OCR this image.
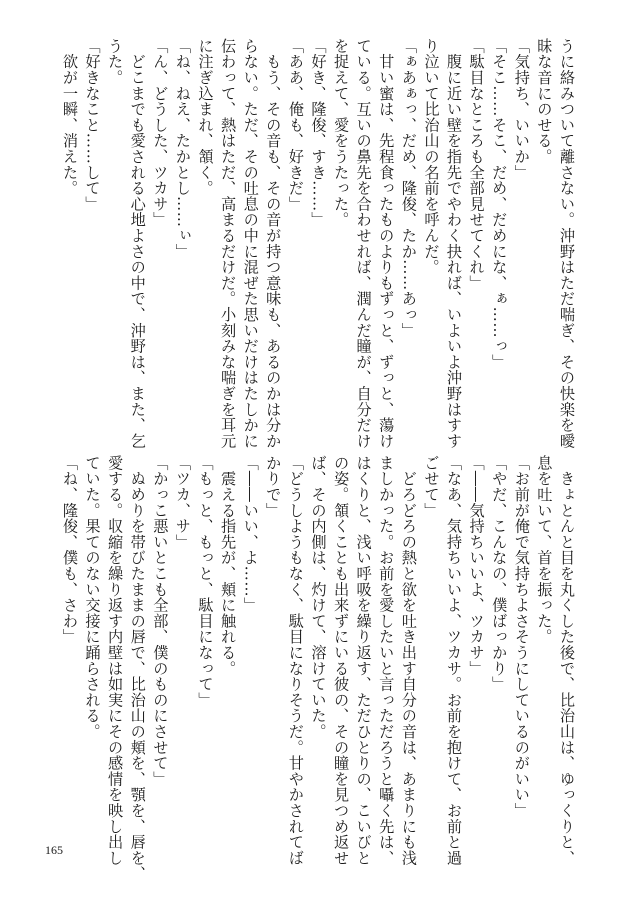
うに絡みついて離さない。沖野はただ喘ぎ、その快楽を曖
昧な音にのせる。
「気持ち、いいか」
「そこ……そこ、だめ、だめにな、ぁ……っ」
「駄目なところも全部見せてくれ」
　腹に近い壁を指先でやわく抉れば、いよいよ沖野はすす
り泣いて比治山の名前を呼んだ。
「ぁあぁっ、だめ、隆俊、たか……あっ」
　甘い蜜は、先程食ったものよりもずっと、ずっと、蕩け
ている。互いの鼻先を合わせれば、潤んだ瞳が、自分だけ
を捉えて、愛をうたった。
「好き、隆俊、すき……」
「ああ、俺も、好きだ」
　もう、その音も、その音が持つ意味も、あるのかは分か
らない。ただ、その吐息の中に混ぜた思いだけはたしかに
伝わって、熱はただ、高まるだけだ。小刻みな喘ぎを耳元
に注ぎ込まれ、頷く。
「ね、ねえ、たかとし……ぃ」
「ん、どうした、ツカサ」
　どこまでも愛される心地よさの中で、沖野は、また、乞
うた。
「好きなこと……して」
　欲が一瞬、消えた。
　きょとんと目を丸くした後で、比治山は、ゆっくりと、
息を吐いて、首を振った。
「お前が俺で気持ちよさそうにしているのがいい」
「やだ、こんなの、僕ばっかり」
「――気持ちいいよ、ツカサ」
「なあ、気持ちいいよ、ツカサ。お前を抱けて、お前と過
ごせて」
　どろどろの熱と欲を吐き出す自分の音は、あまりにも浅
ましかった。お前を愛したいと言っただろうと囁く先は、
はくりと、浅い呼吸を繰り返す、ただひとりの、こいびと
の姿。頷くことも出来ずにいる彼の、その瞳を見つめ返せ
ば、その内側は、灼けて、溶けていた。
「どうしようもなく、駄目になりそうだ。甘やかされてば
かりで」
「――いい、よ……」
　震える指先が、頬に触れる。
「もっと、もっと、駄目になって」
「ツカ、サ」
「かっこ悪いとこも全部、僕のものにさせて」
　ぬめりを帯びたままの唇で、比治山の頬を、顎を、唇を、
愛する。収縮を繰り返す内壁は如実にその感情を映し出し
ていた。果てのない交接に踊らされる。
「ね、隆俊、僕も、さわ」
165
